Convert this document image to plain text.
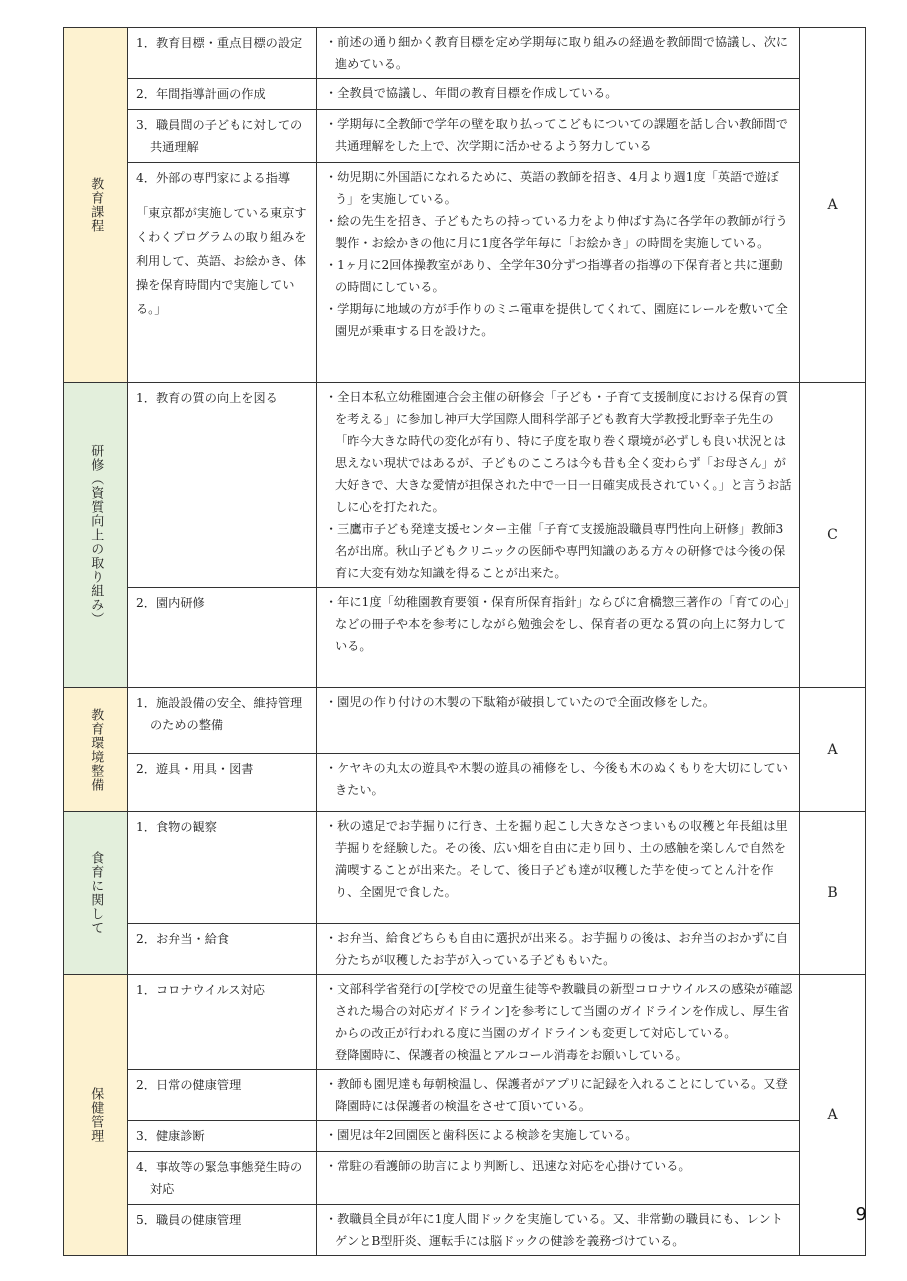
教育課程	1．教育目標・重点目標の設定	・前述の通り細かく教育目標を定め学期毎に取り組みの経過を教師間で協議し、次に進めている。	A

	2．年間指導計画の作成	・全教員で協議し、年間の教育目標を作成している。	

	3．職員間の子どもに対しての共通理解	・学期毎に全教師で学年の壁を取り払ってこどもについての課題を話し合い教師間で共通理解をした上で、次学期に活かせるよう努力している	

	4．外部の専門家による指導
「東京都が実施している東京すくわくプログラムの取り組みを利用して、英語、お絵かき、体操を保育時間内で実施している。」	・幼児期に外国語になれるために、英語の教師を招き、4月より週1度「英語で遊ぼう」を実施している。
・絵の先生を招き、子どもたちの持っている力をより伸ばす為に各学年の教師が行う製作・お絵かきの他に月に1度各学年毎に「お絵かき」の時間を実施している。
・1ヶ月に2回体操教室があり、全学年30分ずつ指導者の指導の下保育者と共に運動の時間にしている。
・学期毎に地域の方が手作りのミニ電車を提供してくれて、園庭にレールを敷いて全園児が乗車する日を設けた。	

研修（資質向上の取り組み）	1．教育の質の向上を図る	・全日本私立幼稚園連合会主催の研修会「子ども・子育て支援制度における保育の質を考える」に参加し神戸大学国際人間科学部子ども教育大学教授北野幸子先生の「昨今大きな時代の変化が有り、特に子度を取り巻く環境が必ずしも良い状況とは思えない現状ではあるが、子どものこころは今も昔も全く変わらず「お母さん」が大好きで、大きな愛情が担保された中で一日一日確実成長されていく。」と言うお話しに心を打たれた。
・三鷹市子ども発達支援センター主催「子育て支援施設職員専門性向上研修」教師3名が出席。秋山子どもクリニックの医師や専門知識のある方々の研修では今後の保育に大変有効な知識を得ることが出来た。	C

	2．園内研修	・年に1度「幼稚園教育要領・保育所保育指針」ならびに倉橋惣三著作の「育ての心」などの冊子や本を参考にしながら勉強会をし、保育者の更なる質の向上に努力している。	

教育環境整備	1．施設設備の安全、維持管理のための整備	・園児の作り付けの木製の下駄箱が破損していたので全面改修をした。	A

	2．遊具・用具・図書	・ケヤキの丸太の遊具や木製の遊具の補修をし、今後も木のぬくもりを大切にしていきたい。	

食育に関して	1．食物の観察	・秋の遠足でお芋掘りに行き、土を掘り起こし大きなさつまいもの収穫と年長組は里芋掘りを経験した。その後、広い畑を自由に走り回り、土の感触を楽しんで自然を満喫することが出来た。そして、後日子ども達が収穫した芋を使ってとん汁を作り、全園児で食した。	B

	2．お弁当・給食	・お弁当、給食どちらも自由に選択が出来る。お芋掘りの後は、お弁当のおかずに自分たちが収穫したお芋が入っている子どももいた。	

保健管理	1．コロナウイルス対応	・文部科学省発行の[学校での児童生徒等や教職員の新型コロナウイルスの感染が確認された場合の対応ガイドライン]を参考にして当園のガイドラインを作成し、厚生省からの改正が行われる度に当園のガイドラインも変更して対応している。
登降園時に、保護者の検温とアルコール消毒をお願いしている。	A

	2．日常の健康管理	・教師も園児達も毎朝検温し、保護者がアプリに記録を入れることにしている。又登降園時には保護者の検温をさせて頂いている。	

	3．健康診断	・園児は年2回園医と歯科医による検診を実施している。	

	4．事故等の緊急事態発生時の対応	・常駐の看護師の助言により判断し、迅速な対応を心掛けている。	

	5．職員の健康管理	・教職員全員が年に1度人間ドックを実施している。又、非常勤の職員にも、レントゲンとB型肝炎、運転手には脳ドックの健診を義務づけている。	
9
